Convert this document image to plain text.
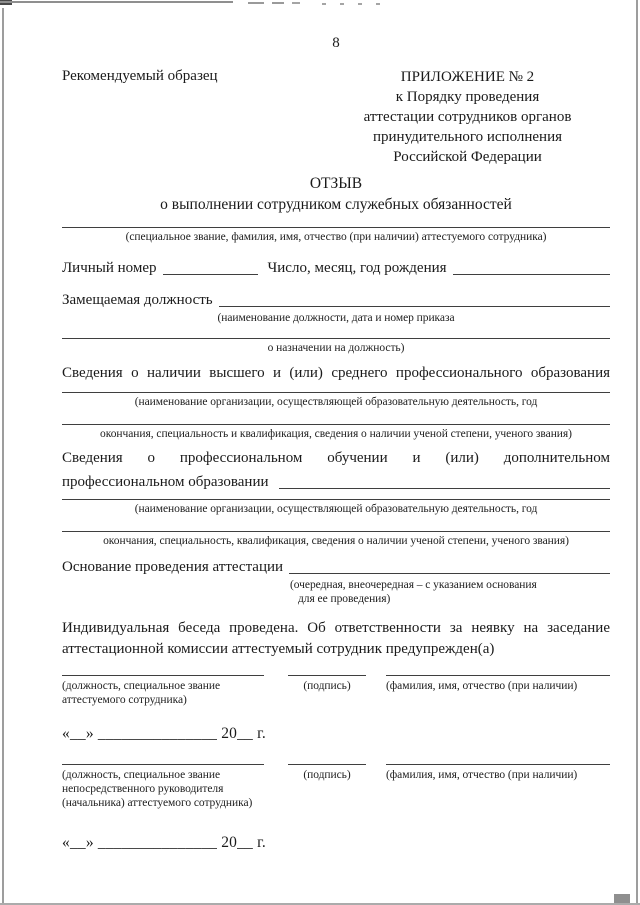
8
Рекомендуемый образец	ПРИЛОЖЕНИЕ № 2
к Порядку проведения
аттестации сотрудников органов
принудительного исполнения
Российской Федерации
ОТЗЫВ
о выполнении сотрудником служебных обязанностей
(специальное звание, фамилия, имя, отчество (при наличии) аттестуемого сотрудника)
Личный номер	Число, месяц, год рождения
Замещаемая должность
(наименование должности, дата и номер приказа
о назначении на должность)
Сведения о наличии высшего и (или) среднего профессионального образования
(наименование организации, осуществляющей образовательную деятельность, год
окончания, специальность и квалификация, сведения о наличии ученой степени, ученого звания)
Сведения о профессиональном обучении и (или) дополнительном
профессиональном образовании
(наименование организации, осуществляющей образовательную деятельность, год
окончания, специальность, квалификация, сведения о наличии ученой степени, ученого звания)
Основание проведения аттестации
(очередная, внеочередная – с указанием основания
для ее проведения)
Индивидуальная беседа проведена. Об ответственности за неявку на заседание аттестационной комиссии аттестуемый сотрудник предупрежден(а)
(должность, специальное звание аттестуемого сотрудника)
(подпись)	(фамилия, имя, отчество (при наличии)
«__» _______________ 20__ г.
(должность, специальное звание непосредственного руководителя (начальника) аттестуемого сотрудника)
(подпись)	(фамилия, имя, отчество (при наличии)
«__» _______________ 20__ г.
